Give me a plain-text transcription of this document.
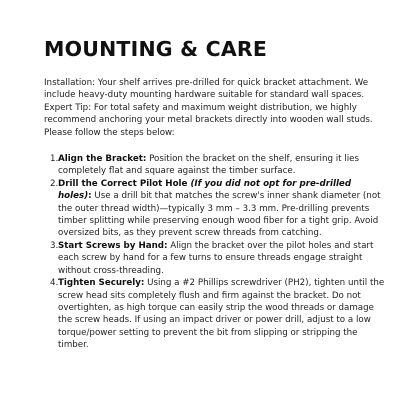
MOUNTING & CARE

Installation: Your shelf arrives pre-drilled for quick bracket attachment. We include heavy-duty mounting hardware suitable for standard wall spaces. Expert Tip: For total safety and maximum weight distribution, we highly recommend anchoring your metal brackets directly into wooden wall studs. Please follow the steps below:

1. Align the Bracket: Position the bracket on the shelf, ensuring it lies completely flat and square against the timber surface.
2. Drill the Correct Pilot Hole (If you did not opt for pre-drilled holes): Use a drill bit that matches the screw's inner shank diameter (not the outer thread width)—typically 3 mm – 3.3 mm. Pre-drilling prevents timber splitting while preserving enough wood fiber for a tight grip. Avoid oversized bits, as they prevent screw threads from catching.
3. Start Screws by Hand: Align the bracket over the pilot holes and start each screw by hand for a few turns to ensure threads engage straight without cross-threading.
4. Tighten Securely: Using a #2 Phillips screwdriver (PH2), tighten until the screw head sits completely flush and firm against the bracket. Do not overtighten, as high torque can easily strip the wood threads or damage the screw heads. If using an impact driver or power drill, adjust to a low torque/power setting to prevent the bit from slipping or stripping the timber.
